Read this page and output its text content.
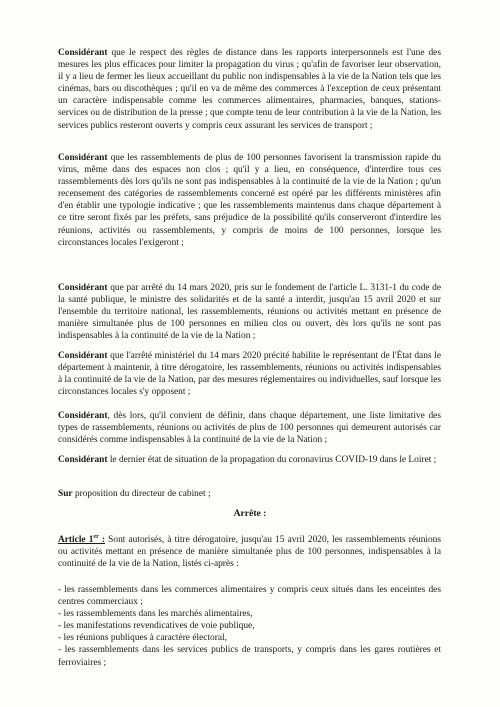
Considérant que le respect des règles de distance dans les rapports interpersonnels est l'une des mesures les plus efficaces pour limiter la propagation du virus ; qu'afin de favoriser leur observation, il y a lieu de fermer les lieux accueillant du public non indispensables à la vie de la Nation tels que les cinémas, bars ou discothèques ; qu'il en va de même des commerces à l'exception de ceux présentant un caractère indispensable comme les commerces alimentaires, pharmacies, banques, stations-services ou de distribution de la presse ; que compte tenu de leur contribution à la vie de la Nation, les services publics resteront ouverts y compris ceux assurant les services de transport ;

Considérant que les rassemblements de plus de 100 personnes favorisent la transmission rapide du virus, même dans des espaces non clos ; qu'il y a lieu, en conséquence, d'interdire tous ces rassemblements dès lors qu'ils ne sont pas indispensables à la continuité de la vie de la Nation ; qu'un recensement des catégories de rassemblements concerné est opéré par les différents ministères afin d'en établir une typologie indicative ; que les rassemblements maintenus dans chaque département à ce titre seront fixés par les préfets, sans préjudice de la possibilité qu'ils conserveront d'interdire les réunions, activités ou rassemblements, y compris de moins de 100 personnes, lorsque les circonstances locales l'exigeront ;

Considérant que par arrêté du 14 mars 2020, pris sur le fondement de l'article L. 3131-1 du code de la santé publique, le ministre des solidarités et de la santé a interdit, jusqu'au 15 avril 2020 et sur l'ensemble du territoire national, les rassemblements, réunions ou activités mettant en présence de manière simultanée plus de 100 personnes en milieu clos ou ouvert, dès lors qu'ils ne sont pas indispensables à la continuité de la vie de la Nation ;

Considérant que l'arrêté ministériel du 14 mars 2020 précité habilite le représentant de l'État dans le département à maintenir, à titre dérogatoire, les rassemblements, réunions ou activités indispensables à la continuité de la vie de la Nation, par des mesures réglementaires ou individuelles, sauf lorsque les circonstances locales s'y opposent ;

Considérant, dès lors, qu'il convient de définir, dans chaque département, une liste limitative des types de rassemblements, réunions ou activités de plus de 100 personnes qui demeurent autorisés car considérés comme indispensables à la continuité de la vie de la Nation ;

Considérant le dernier état de situation de la propagation du coronavirus COVID-19 dans le Loiret ;

Sur proposition du directeur de cabinet ;

Arrête :

Article 1er : Sont autorisés, à titre dérogatoire, jusqu'au 15 avril 2020, les rassemblements réunions ou activités mettant en présence de manière simultanée plus de 100 personnes, indispensables à la continuité de la vie de la Nation, listés ci-après :

- les rassemblements dans les commerces alimentaires y compris ceux situés dans les enceintes des centres commerciaux ;
- les rassemblements dans les marchés alimentaires,
- les manifestations revendicatives de voie publique,
- les réunions publiques à caractère électoral,
- les rassemblements dans les services publics de transports, y compris dans les gares routières et ferroviaires ;
